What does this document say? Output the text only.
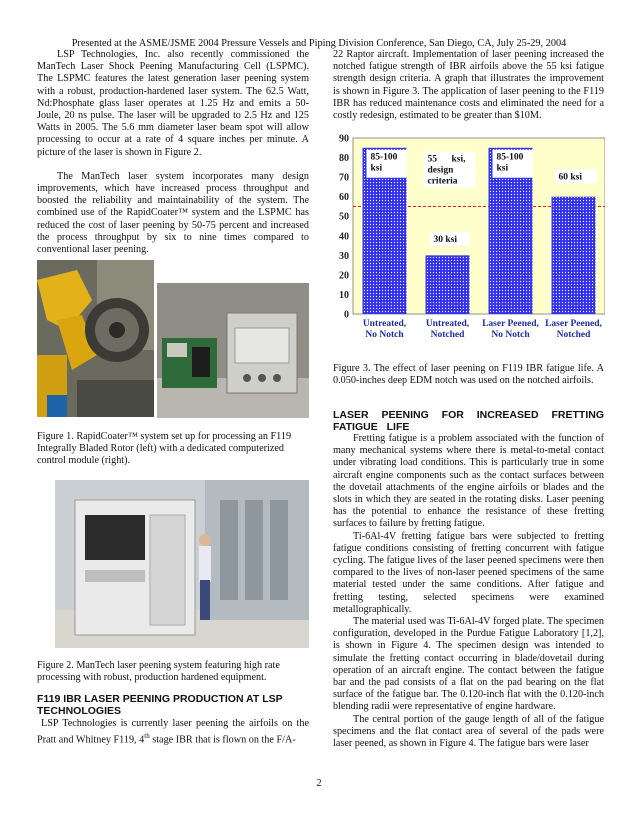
Presented at the ASME/JSME 2004 Pressure Vessels and Piping Division Conference, San Diego, CA, July 25-29, 2004

LSP Technologies, Inc. also recently commissioned the ManTech Laser Shock Peening Manufacturing Cell (LSPMC). The LSPMC features the latest generation laser peening system with a robust, production-hardened laser system. The 62.5 Watt, Nd:Phosphate glass laser operates at 1.25 Hz and emits a 50-Joule, 20 ns pulse. The laser will be upgraded to 2.5 Hz and 125 Watts in 2005. The 5.6 mm diameter laser beam spot will allow processing to occur at a rate of 4 square inches per minute. A picture of the laser is shown in Figure 2.

The ManTech laser system incorporates many design improvements, which have increased process throughput and boosted the reliability and maintainability of the system. The combined use of the RapidCoater™ system and the LSPMC has reduced the cost of laser peening by 50-75 percent and increased the process throughput by six to nine times compared to conventional laser peening.

Figure 1. RapidCoater™ system set up for processing an F119 Integrally Bladed Rotor (left) with a dedicated computerized control module (right).
Figure 2. ManTech laser peening system featuring high rate processing with robust, production hardened equipment.
F119 IBR LASER PEENING PRODUCTION AT LSP TECHNOLOGIES

LSP Technologies is currently laser peening the airfoils on the Pratt and Whitney F119, 4th stage IBR that is flown on the F/A-

22 Raptor aircraft. Implementation of laser peening increased the notched fatigue strength of IBR airfoils above the 55 ksi fatigue strength design criteria. A graph that illustrates the improvement is shown in Figure 3. The application of laser peening to the F119 IBR has reduced maintenance costs and eliminated the need for a costly redesign, estimated to be greater than $10M.

0
10
20
30
40
50
60
70
80
90
85-100
ksi
30 ksi
85-100
ksi
60 ksi
55 ksi,
design
criteria
Untreated,
No Notch
Untreated,
Notched
Laser Peened,
No Notch
Laser Peened,
Notched
Figure 3. The effect of laser peening on F119 IBR fatigue life. A 0.050-inches deep EDM notch was used on the notched airfoils.
LASER PEENING FOR INCREASED FRETTING FATIGUE LIFE

Fretting fatigue is a problem associated with the function of many mechanical systems where there is metal-to-metal contact under vibrating load conditions. This is particularly true in some aircraft engine components such as the contact surfaces between the dovetail attachments of the engine airfoils or blades and the slots in which they are seated in the rotating disks. Laser peening has the potential to enhance the resistance of these fretting surfaces to failure by fretting fatigue.

Ti-6Al-4V fretting fatigue bars were subjected to fretting fatigue conditions consisting of fretting concurrent with fatigue cycling. The fatigue lives of the laser peened specimens were then compared to the lives of non-laser peened specimens of the same material tested under the same conditions. After fatigue and fretting testing, selected specimens were examined metallographically.

The material used was Ti-6Al-4V forged plate. The specimen configuration, developed in the Purdue Fatigue Laboratory [1,2], is shown in Figure 4. The specimen design was intended to simulate the fretting contact occurring in blade/dovetail during operation of an aircraft engine. The contact between the fatigue bar and the pad consists of a flat on the pad bearing on the flat surface of the fatigue bar. The 0.120-inch flat with the 0.120-inch blending radii were representative of engine hardware.

The central portion of the gauge length of all of the fatigue specimens and the flat contact area of several of the pads were laser peened, as shown in Figure 4. The fatigue bars were laser

2
